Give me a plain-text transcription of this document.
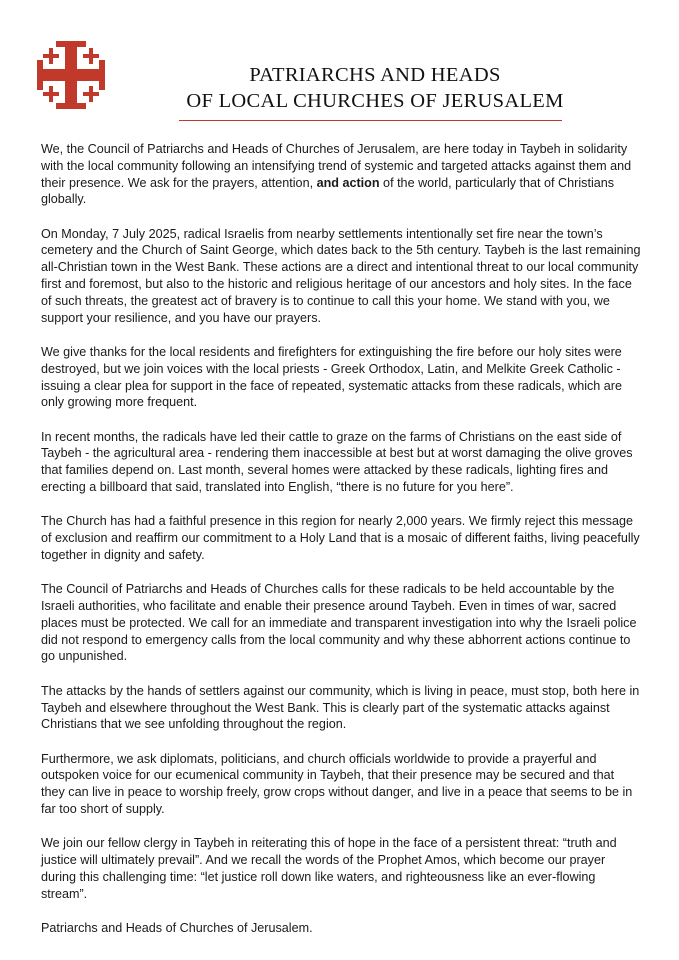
PATRIARCHS AND HEADS
OF LOCAL CHURCHES OF JERUSALEM

We, the Council of Patriarchs and Heads of Churches of Jerusalem, are here today in Taybeh in solidarity with the local community following an intensifying trend of systemic and targeted attacks against them and their presence. We ask for the prayers, attention, and action of the world, particularly that of Christians globally.

On Monday, 7 July 2025, radical Israelis from nearby settlements intentionally set fire near the town’s cemetery and the Church of Saint George, which dates back to the 5th century. Taybeh is the last remaining all-Christian town in the West Bank. These actions are a direct and intentional threat to our local community first and foremost, but also to the historic and religious heritage of our ancestors and holy sites. In the face of such threats, the greatest act of bravery is to continue to call this your home. We stand with you, we support your resilience, and you have our prayers.

We give thanks for the local residents and firefighters for extinguishing the fire before our holy sites were destroyed, but we join voices with the local priests - Greek Orthodox, Latin, and Melkite Greek Catholic - issuing a clear plea for support in the face of repeated, systematic attacks from these radicals, which are only growing more frequent.

In recent months, the radicals have led their cattle to graze on the farms of Christians on the east side of Taybeh - the agricultural area - rendering them inaccessible at best but at worst damaging the olive groves that families depend on. Last month, several homes were attacked by these radicals, lighting fires and erecting a billboard that said, translated into English, “there is no future for you here”.

The Church has had a faithful presence in this region for nearly 2,000 years. We firmly reject this message of exclusion and reaffirm our commitment to a Holy Land that is a mosaic of different faiths, living peacefully together in dignity and safety.

The Council of Patriarchs and Heads of Churches calls for these radicals to be held accountable by the Israeli authorities, who facilitate and enable their presence around Taybeh. Even in times of war, sacred places must be protected. We call for an immediate and transparent investigation into why the Israeli police did not respond to emergency calls from the local community and why these abhorrent actions continue to go unpunished.

The attacks by the hands of settlers against our community, which is living in peace, must stop, both here in Taybeh and elsewhere throughout the West Bank. This is clearly part of the systematic attacks against Christians that we see unfolding throughout the region.

Furthermore, we ask diplomats, politicians, and church officials worldwide to provide a prayerful and outspoken voice for our ecumenical community in Taybeh, that their presence may be secured and that they can live in peace to worship freely, grow crops without danger, and live in a peace that seems to be in far too short of supply.

We join our fellow clergy in Taybeh in reiterating this of hope in the face of a persistent threat: “truth and justice will ultimately prevail”. And we recall the words of the Prophet Amos, which become our prayer during this challenging time: “let justice roll down like waters, and righteousness like an ever-flowing stream”.

Patriarchs and Heads of Churches of Jerusalem.
